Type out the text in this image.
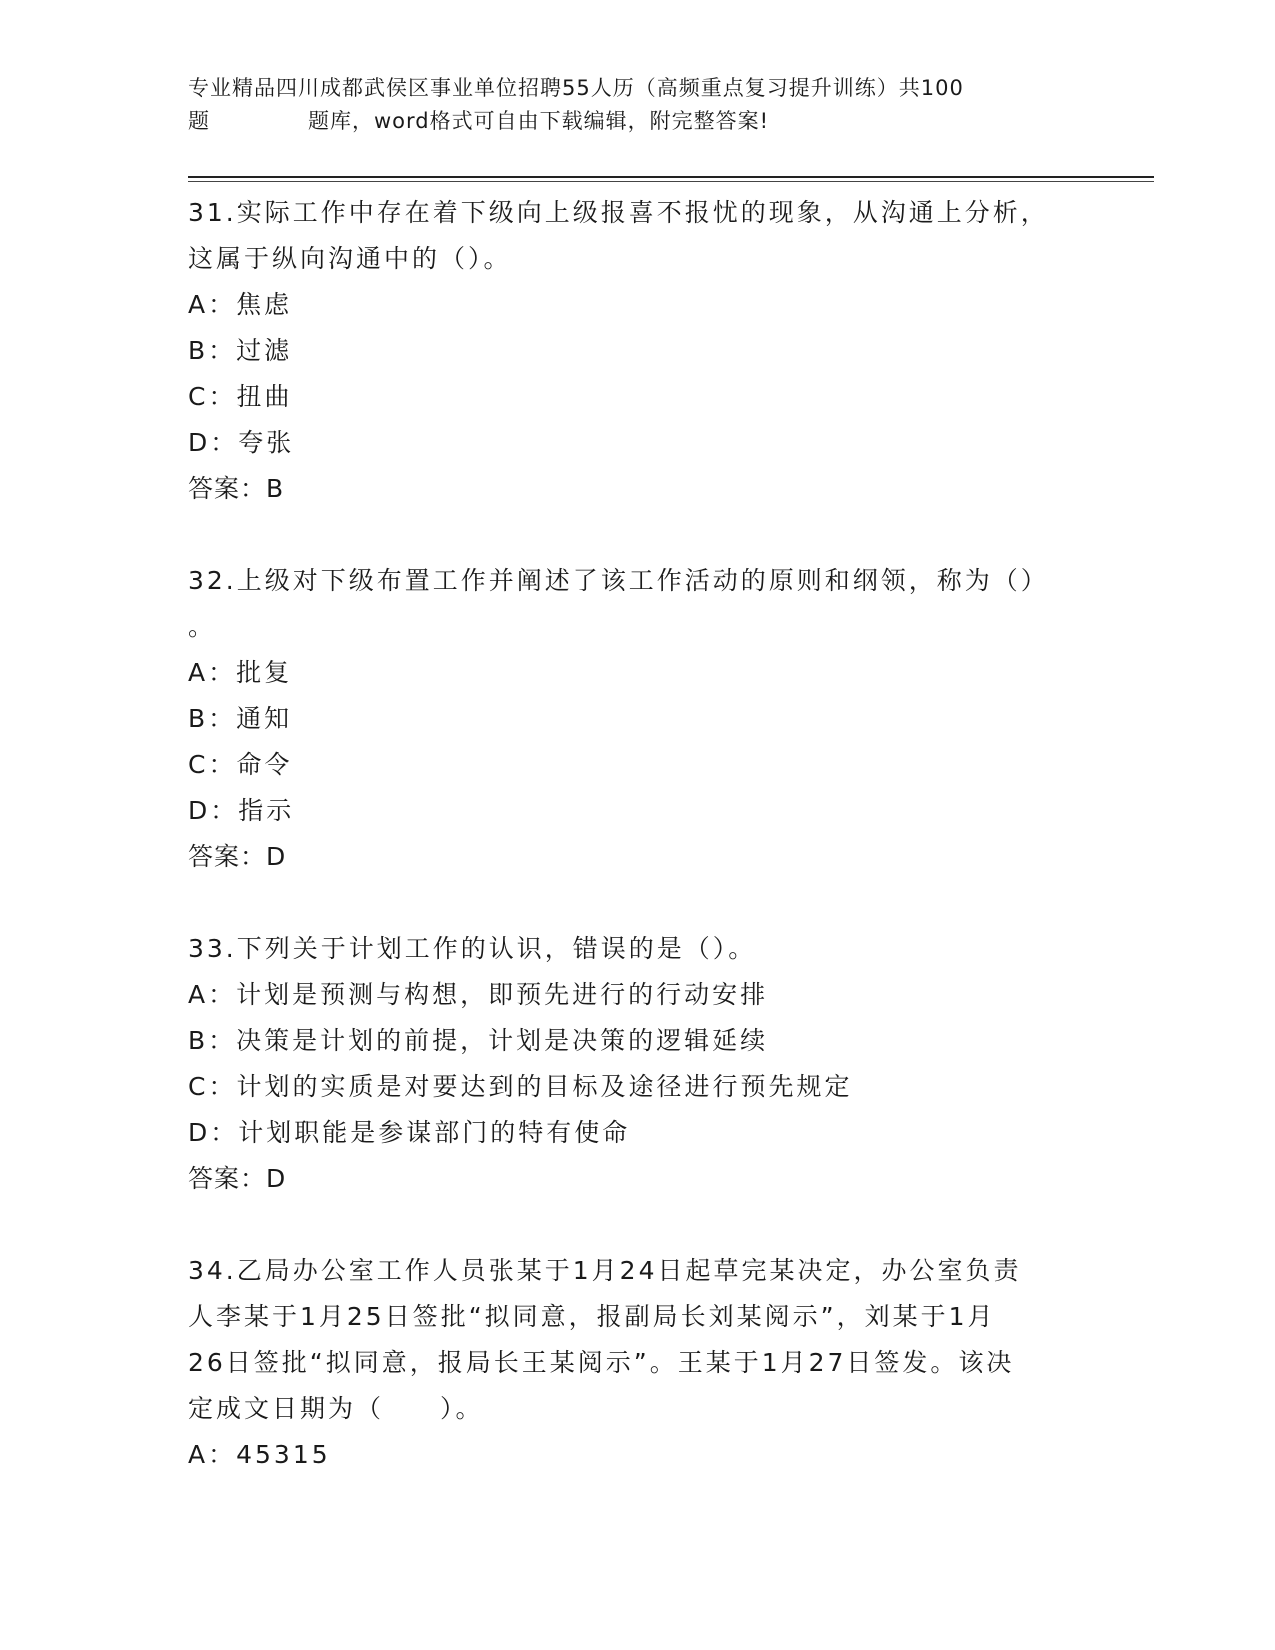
专业精品四川成都武侯区事业单位招聘55人历（高频重点复习提升训练）共100
题	题库，word格式可自由下载编辑，附完整答案!
31.实际工作中存在着下级向上级报喜不报忧的现象，从沟通上分析，
这属于纵向沟通中的（）。
A：焦虑
B：过滤
C：扭曲
D：夸张
答案：B
32.上级对下级布置工作并阐述了该工作活动的原则和纲领，称为（）
。
A：批复
B：通知
C：命令
D：指示
答案：D
33.下列关于计划工作的认识，错误的是（）。
A：计划是预测与构想，即预先进行的行动安排
B：决策是计划的前提，计划是决策的逻辑延续
C：计划的实质是对要达到的目标及途径进行预先规定
D：计划职能是参谋部门的特有使命
答案：D
34.乙局办公室工作人员张某于1月24日起草完某决定，办公室负责
人李某于1月25日签批“拟同意，报副局长刘某阅示”，刘某于1月
26日签批“拟同意，报局长王某阅示”。王某于1月27日签发。该决
定成文日期为（　　）。
A：45315
